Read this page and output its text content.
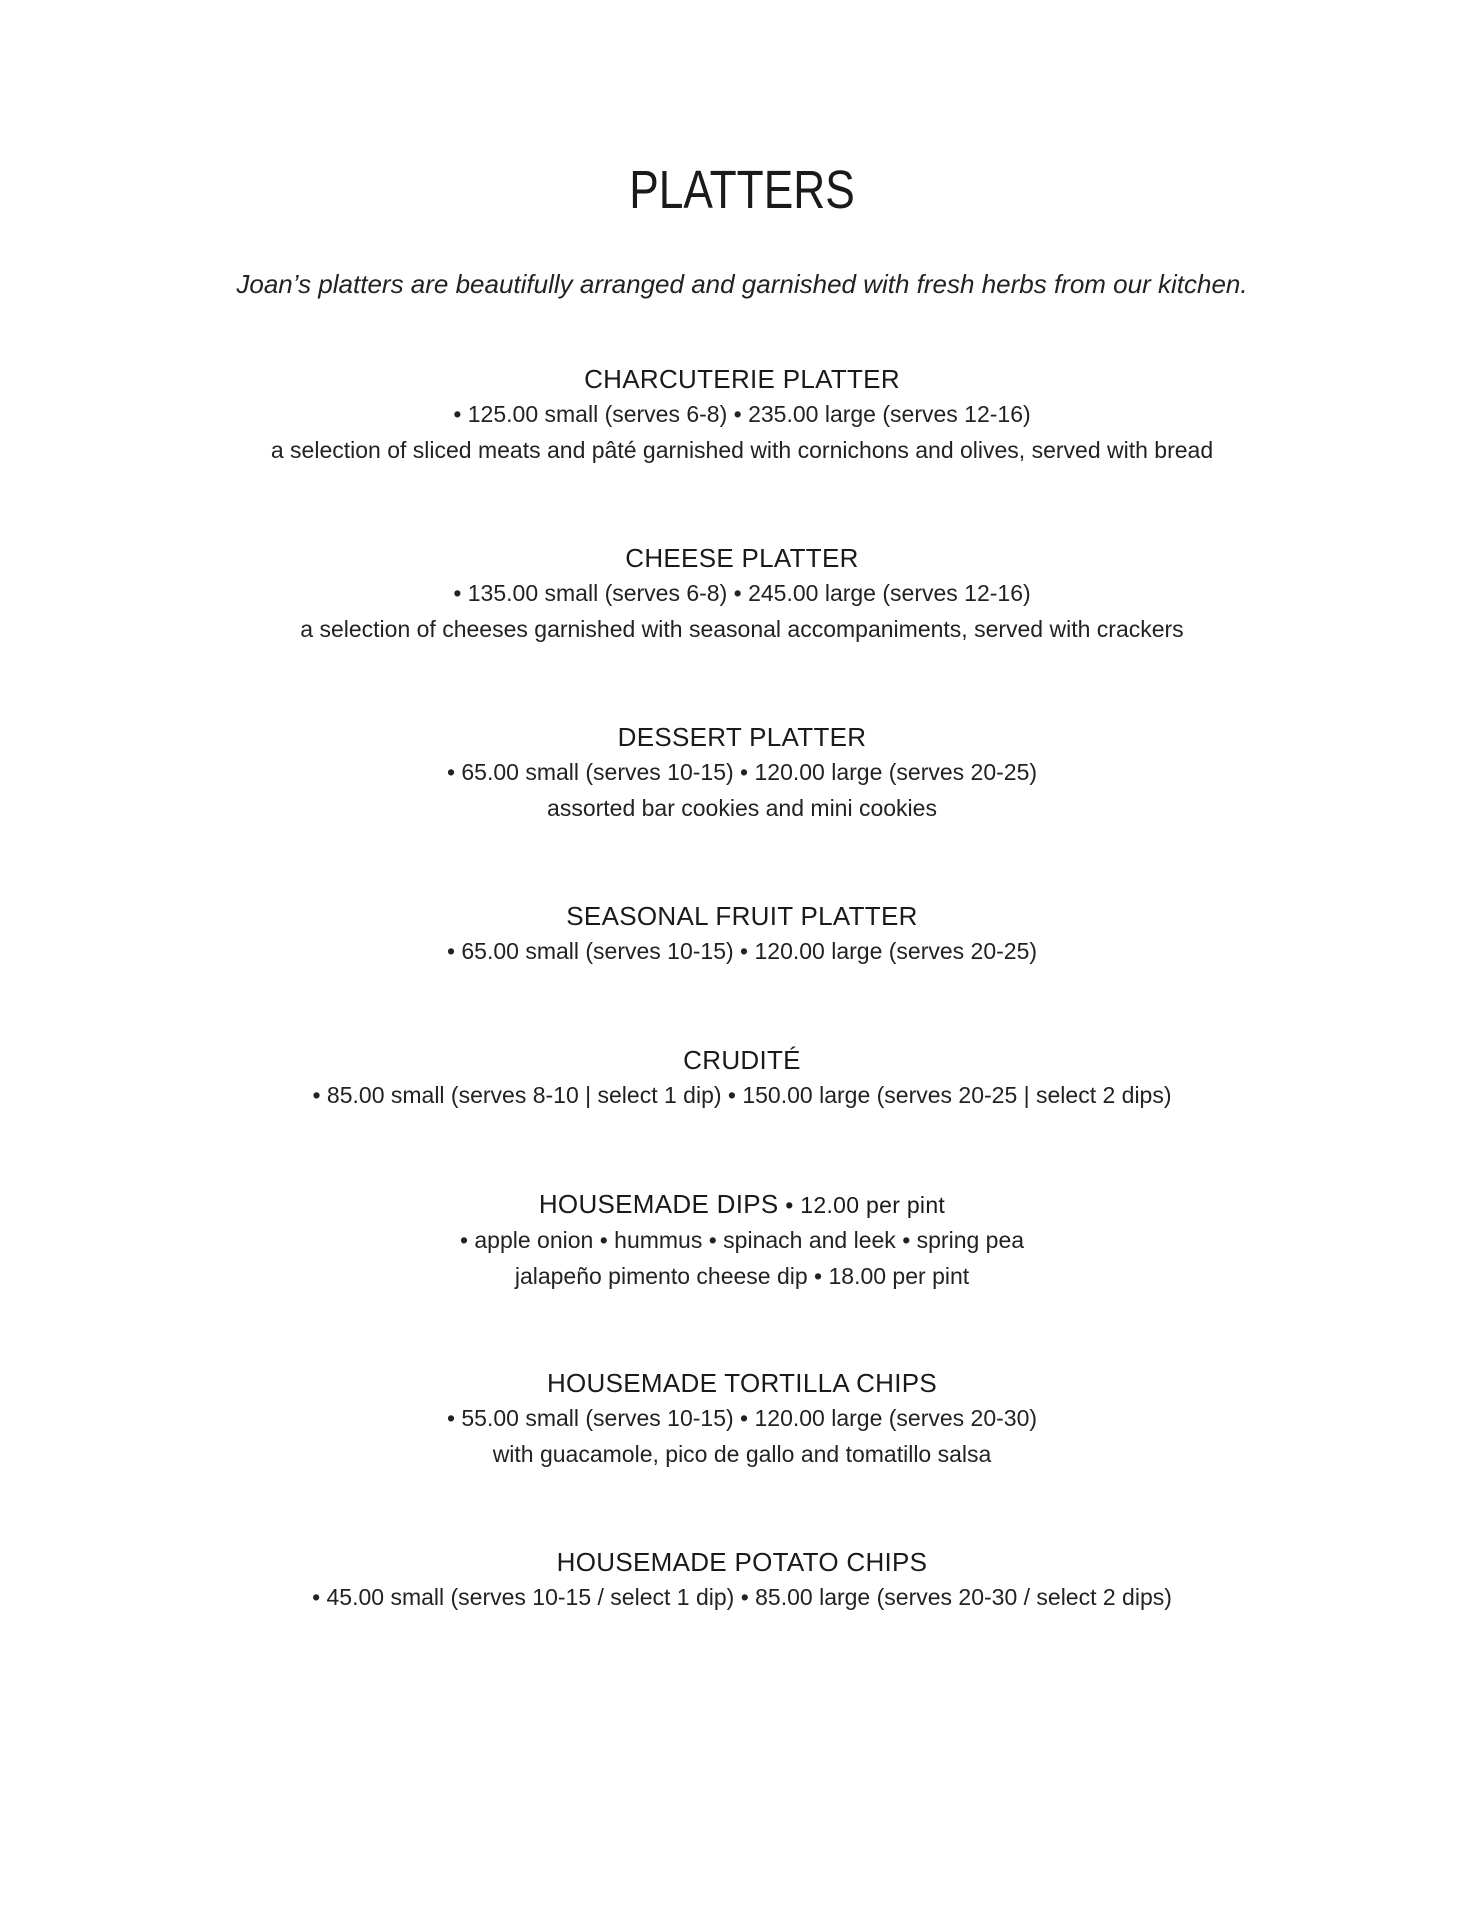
PLATTERS
Joan’s platters are beautifully arranged and garnished with fresh herbs from our kitchen.
CHARCUTERIE PLATTER
• 125.00 small (serves 6-8) • 235.00 large (serves 12-16)
a selection of sliced meats and pâté garnished with cornichons and olives, served with bread
CHEESE PLATTER
• 135.00 small (serves 6-8) • 245.00 large (serves 12-16)
a selection of cheeses garnished with seasonal accompaniments, served with crackers
DESSERT PLATTER
• 65.00 small (serves 10-15) • 120.00 large (serves 20-25)
assorted bar cookies and mini cookies
SEASONAL FRUIT PLATTER
• 65.00 small (serves 10-15) • 120.00 large (serves 20-25)
CRUDITÉ
• 85.00 small (serves 8-10 | select 1 dip) • 150.00 large (serves 20-25 | select 2 dips)
HOUSEMADE DIPS • 12.00 per pint
• apple onion • hummus • spinach and leek • spring pea
jalapeño pimento cheese dip • 18.00 per pint
HOUSEMADE TORTILLA CHIPS
• 55.00 small (serves 10-15) • 120.00 large (serves 20-30)
with guacamole, pico de gallo and tomatillo salsa
HOUSEMADE POTATO CHIPS
• 45.00 small (serves 10-15 / select 1 dip) • 85.00 large (serves 20-30 / select 2 dips)
